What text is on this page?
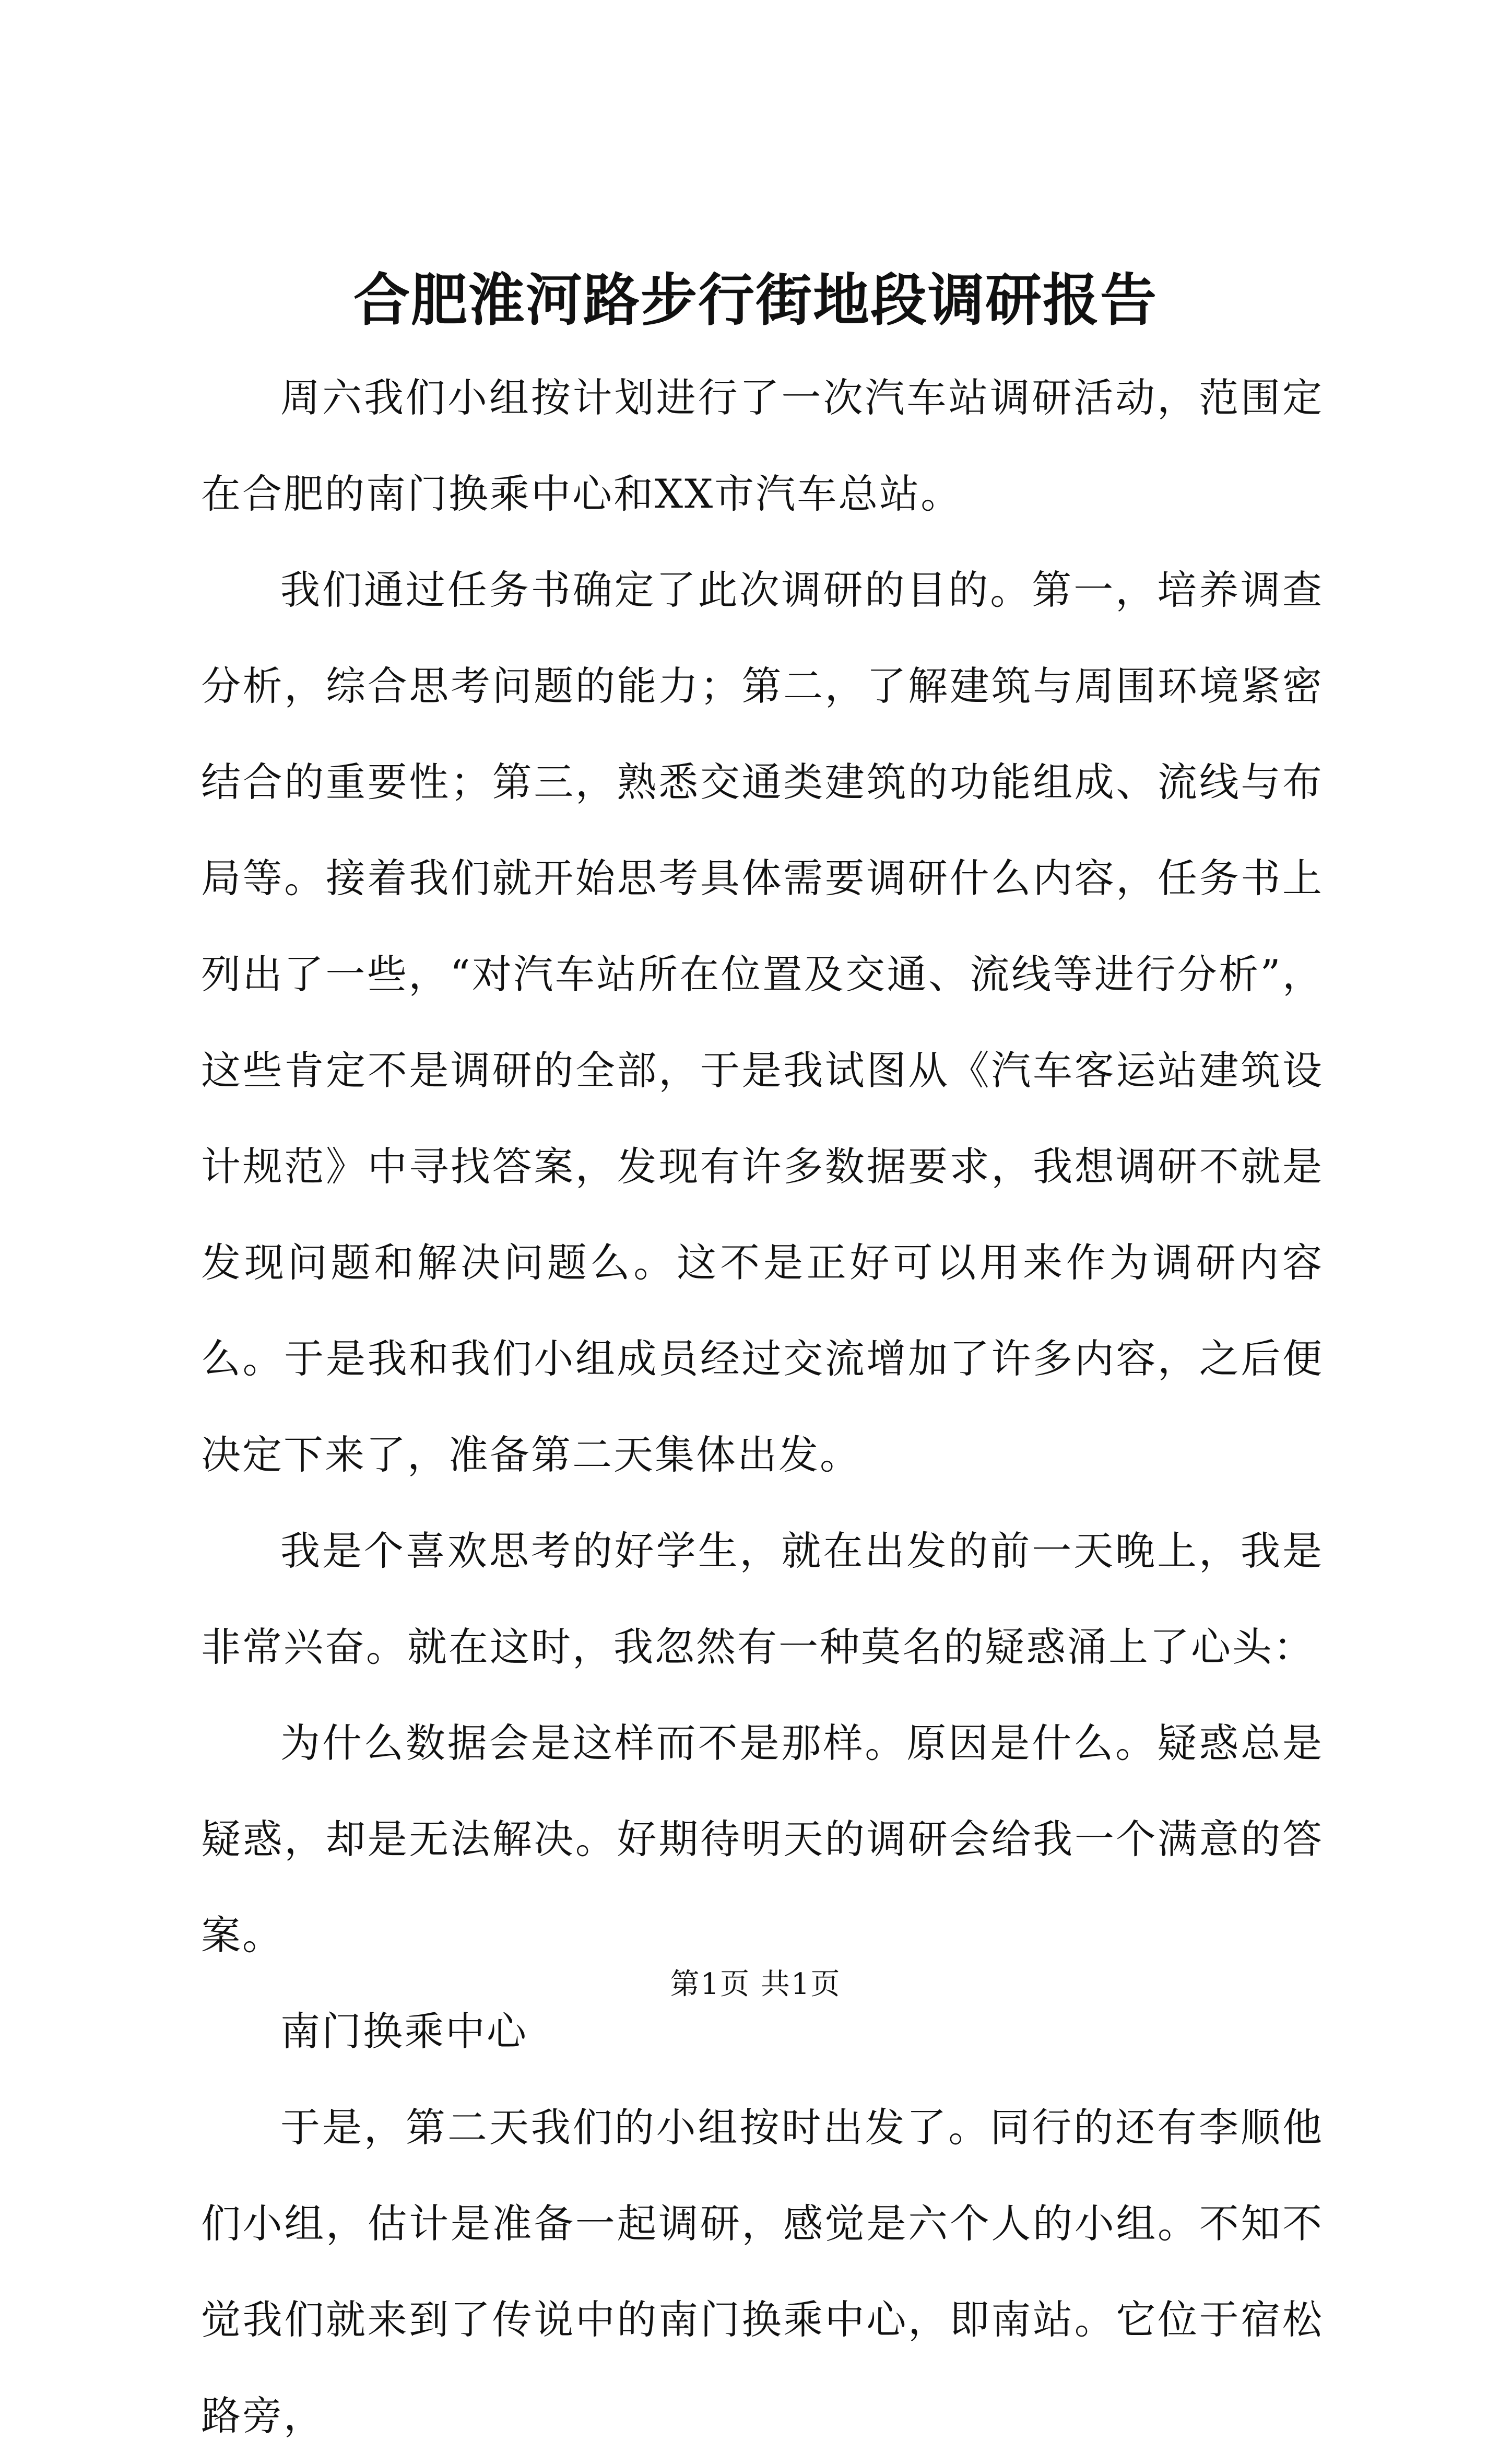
合肥淮河路步行街地段调研报告

周六我们小组按计划进行了一次汽车站调研活动，范围定在合肥的南门换乘中心和XX市汽车总站。

我们通过任务书确定了此次调研的目的。第一，培养调查分析，综合思考问题的能力；第二，了解建筑与周围环境紧密结合的重要性；第三，熟悉交通类建筑的功能组成、流线与布局等。接着我们就开始思考具体需要调研什么内容，任务书上列出了一些，“对汽车站所在位置及交通、流线等进行分析”，这些肯定不是调研的全部，于是我试图从《汽车客运站建筑设计规范》中寻找答案，发现有许多数据要求，我想调研不就是发现问题和解决问题么。这不是正好可以用来作为调研内容么。于是我和我们小组成员经过交流增加了许多内容，之后便决定下来了，准备第二天集体出发。

我是个喜欢思考的好学生，就在出发的前一天晚上，我是非常兴奋。就在这时，我忽然有一种莫名的疑惑涌上了心头：

为什么数据会是这样而不是那样。原因是什么。疑惑总是疑惑，却是无法解决。好期待明天的调研会给我一个满意的答案。

南门换乘中心

于是，第二天我们的小组按时出发了。同行的还有李顺他们小组，估计是准备一起调研，感觉是六个人的小组。不知不觉我们就来到了传说中的南门换乘中心，即南站。它位于宿松路旁，

第1页 共1页
